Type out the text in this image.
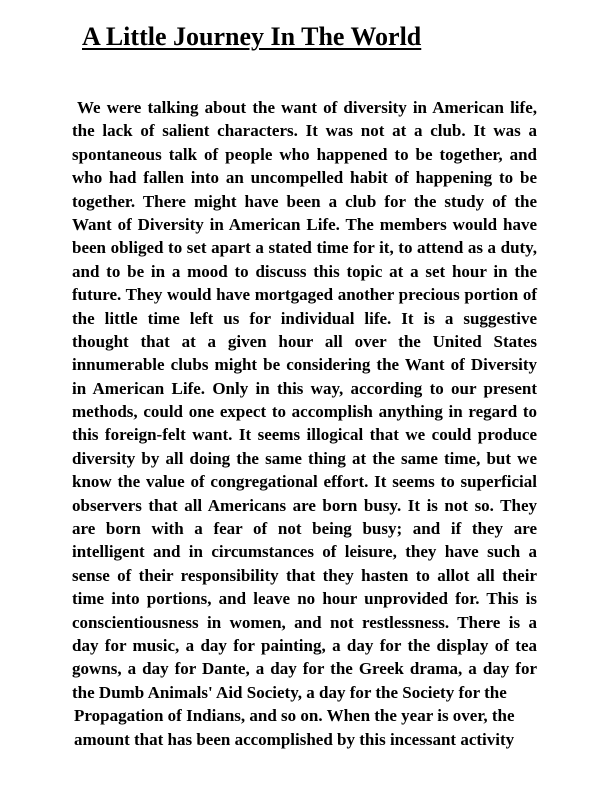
A Little Journey In The World
We were talking about the want of diversity in American life,
the lack of salient characters. It was not at a club. It was a
spontaneous talk of people who happened to be together, and
who had fallen into an uncompelled habit of happening to be
together. There might have been a club for the study of the
Want of Diversity in American Life. The members would have
been obliged to set apart a stated time for it, to attend as a duty,
and to be in a mood to discuss this topic at a set hour in the
future. They would have mortgaged another precious portion of
the little time left us for individual life. It is a suggestive
thought that at a given hour all over the United States
innumerable clubs might be considering the Want of Diversity
in American Life. Only in this way, according to our present
methods, could one expect to accomplish anything in regard to
this foreign-felt want. It seems illogical that we could produce
diversity by all doing the same thing at the same time, but we
know the value of congregational effort. It seems to superficial
observers that all Americans are born busy. It is not so. They
are born with a fear of not being busy; and if they are
intelligent and in circumstances of leisure, they have such a
sense of their responsibility that they hasten to allot all their
time into portions, and leave no hour unprovided for. This is
conscientiousness in women, and not restlessness. There is a
day for music, a day for painting, a day for the display of tea
gowns, a day for Dante, a day for the Greek drama, a day for
the Dumb Animals' Aid Society, a day for the Society for the
Propagation of Indians, and so on. When the year is over, the
amount that has been accomplished by this incessant activity
